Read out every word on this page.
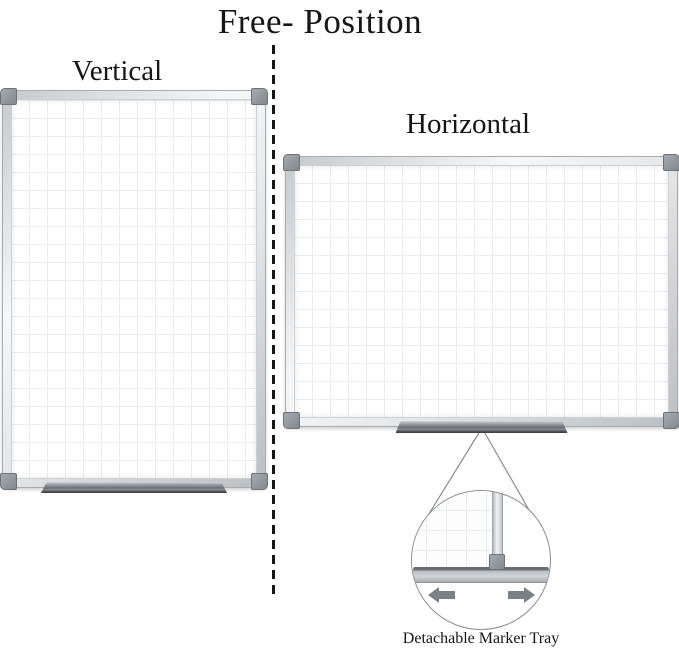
Free- Position
Vertical
Horizontal
Detachable Marker Tray
